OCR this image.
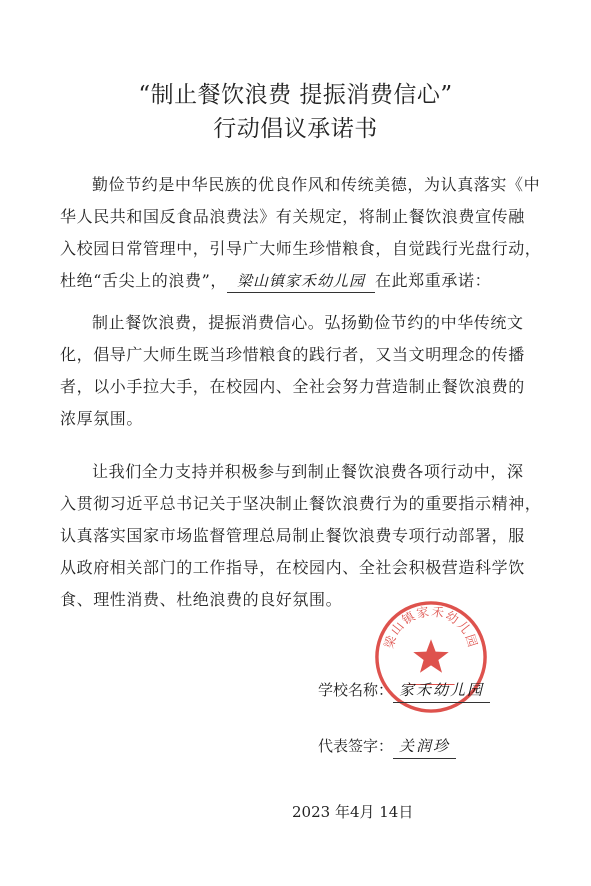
“制止餐饮浪费 提振消费信心”
行动倡议承诺书
勤俭节约是中华民族的优良作风和传统美德，为认真落实《中
华人民共和国反食品浪费法》有关规定，将制止餐饮浪费宣传融
入校园日常管理中，引导广大师生珍惜粮食，自觉践行光盘行动，
杜绝“舌尖上的浪费”， 梁山镇家禾幼儿园 在此郑重承诺：
制止餐饮浪费，提振消费信心。弘扬勤俭节约的中华传统文
化，倡导广大师生既当珍惜粮食的践行者，又当文明理念的传播
者，以小手拉大手，在校园内、全社会努力营造制止餐饮浪费的
浓厚氛围。
让我们全力支持并积极参与到制止餐饮浪费各项行动中，深
入贯彻习近平总书记关于坚决制止餐饮浪费行为的重要指示精神，
认真落实国家市场监督管理总局制止餐饮浪费专项行动部署，服
从政府相关部门的工作指导，在校园内、全社会积极营造科学饮
食、理性消费、杜绝浪费的良好氛围。
梁山镇家禾幼儿园
学校名称： 家禾幼儿园
代表签字： 关润珍
2023 年4月 14日
